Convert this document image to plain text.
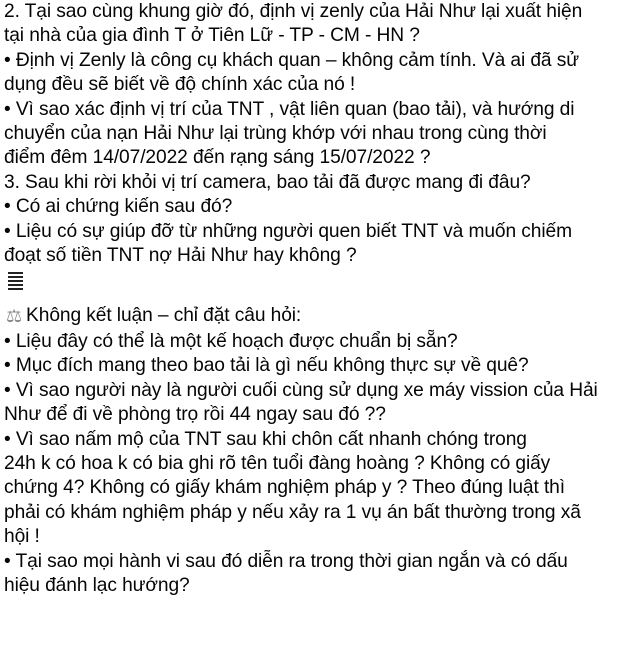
2. Tại sao cùng khung giờ đó, định vị zenly của Hải Như lại xuất hiện

tại nhà của gia đình T ở Tiên Lữ - TP - CM - HN ?

• Định vị Zenly là công cụ khách quan – không cảm tính. Và ai đã sử

dụng đều sẽ biết về độ chính xác của nó !

• Vì sao xác định vị trí của TNT , vật liên quan (bao tải), và hướng di

chuyển của nạn Hải Như lại trùng khớp với nhau trong cùng thời

điểm đêm 14/07/2022 đến rạng sáng 15/07/2022 ?

3. Sau khi rời khỏi vị trí camera, bao tải đã được mang đi đâu?

• Có ai chứng kiến sau đó?

• Liệu có sự giúp đỡ từ những người quen biết TNT và muốn chiếm

đoạt số tiền TNT nợ Hải Như hay không ?

⚖ Không kết luận – chỉ đặt câu hỏi:

• Liệu đây có thể là một kế hoạch được chuẩn bị sẵn?

• Mục đích mang theo bao tải là gì nếu không thực sự về quê?

• Vì sao người này là người cuối cùng sử dụng xe máy vission của Hải

Như để đi về phòng trọ rồi 44 ngay sau đó ??

• Vì sao nấm mộ của TNT sau khi chôn cất nhanh chóng trong

24h k có hoa k có bia ghi rõ tên tuổi đàng hoàng ? Không có giấy

chứng 4? Không có giấy khám nghiệm pháp y ? Theo đúng luật thì

phải có khám nghiệm pháp y nếu xảy ra 1 vụ án bất thường trong xã

hội !

• Tại sao mọi hành vi sau đó diễn ra trong thời gian ngắn và có dấu

hiệu đánh lạc hướng?
